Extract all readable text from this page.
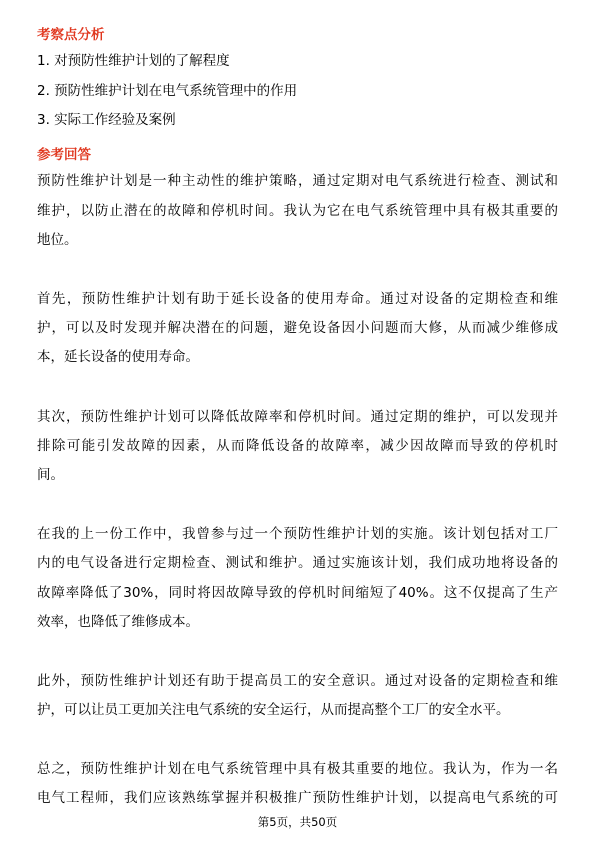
考察点分析
1. 对预防性维护计划的了解程度
2. 预防性维护计划在电气系统管理中的作用
3. 实际工作经验及案例
参考回答
预防性维护计划是一种主动性的维护策略，通过定期对电气系统进行检查、测试和
维护，以防止潜在的故障和停机时间。我认为它在电气系统管理中具有极其重要的
地位。
首先，预防性维护计划有助于延长设备的使用寿命。通过对设备的定期检查和维
护，可以及时发现并解决潜在的问题，避免设备因小问题而大修，从而减少维修成
本，延长设备的使用寿命。
其次，预防性维护计划可以降低故障率和停机时间。通过定期的维护，可以发现并
排除可能引发故障的因素，从而降低设备的故障率，减少因故障而导致的停机时
间。
在我的上一份工作中，我曾参与过一个预防性维护计划的实施。该计划包括对工厂
内的电气设备进行定期检查、测试和维护。通过实施该计划，我们成功地将设备的
故障率降低了30%，同时将因故障导致的停机时间缩短了40%。这不仅提高了生产
效率，也降低了维修成本。
此外，预防性维护计划还有助于提高员工的安全意识。通过对设备的定期检查和维
护，可以让员工更加关注电气系统的安全运行，从而提高整个工厂的安全水平。
总之，预防性维护计划在电气系统管理中具有极其重要的地位。我认为，作为一名
电气工程师，我们应该熟练掌握并积极推广预防性维护计划，以提高电气系统的可
第5页，共50页
